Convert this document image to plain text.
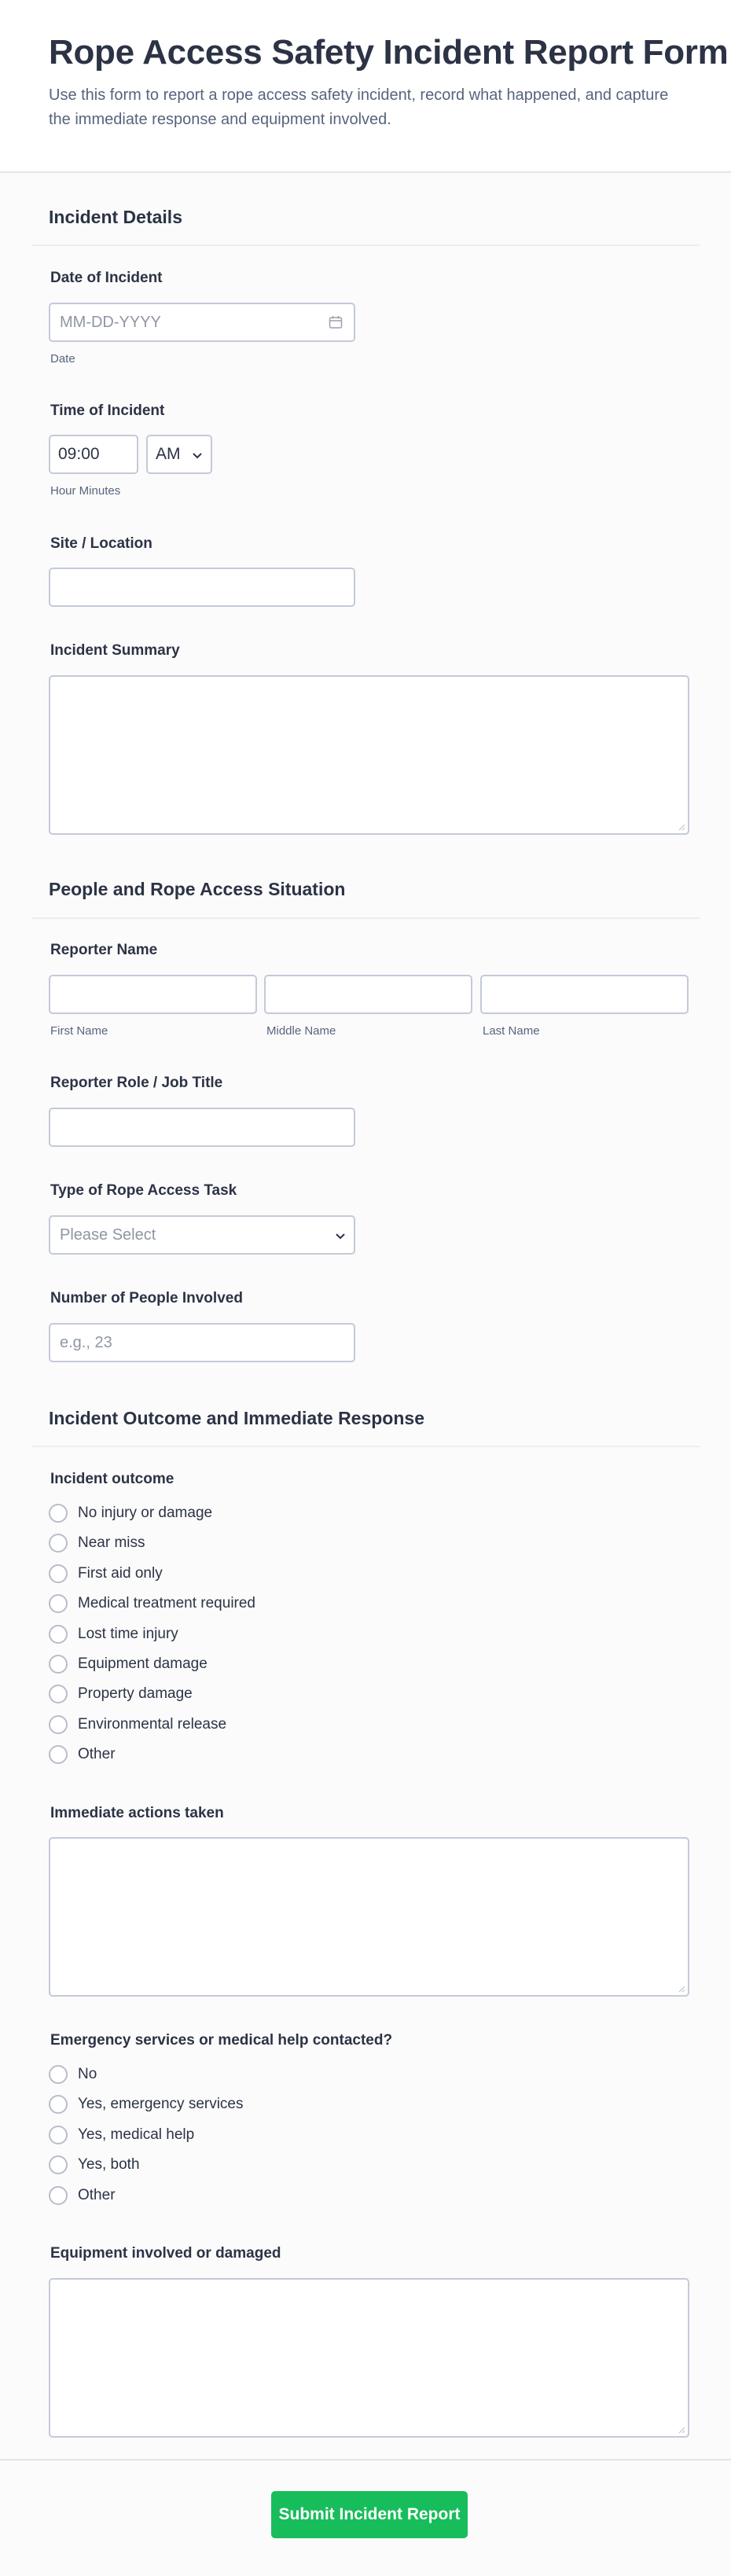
Rope Access Safety Incident Report Form

Use this form to report a rope access safety incident, record what happened, and capture the immediate response and equipment involved.

Incident Details
Date of Incident
MM-DD-YYYY
Date
Time of Incident
09:00	AM
Hour Minutes
Site / Location
Incident Summary
People and Rope Access Situation
Reporter Name
First Name	Middle Name	Last Name
Reporter Role / Job Title
Type of Rope Access Task
Please Select
Number of People Involved
e.g., 23
Incident Outcome and Immediate Response
Incident outcome
No injury or damage
Near miss
First aid only
Medical treatment required
Lost time injury
Equipment damage
Property damage
Environmental release
Other
Immediate actions taken
Emergency services or medical help contacted?
No
Yes, emergency services
Yes, medical help
Yes, both
Other
Equipment involved or damaged
Submit Incident Report
